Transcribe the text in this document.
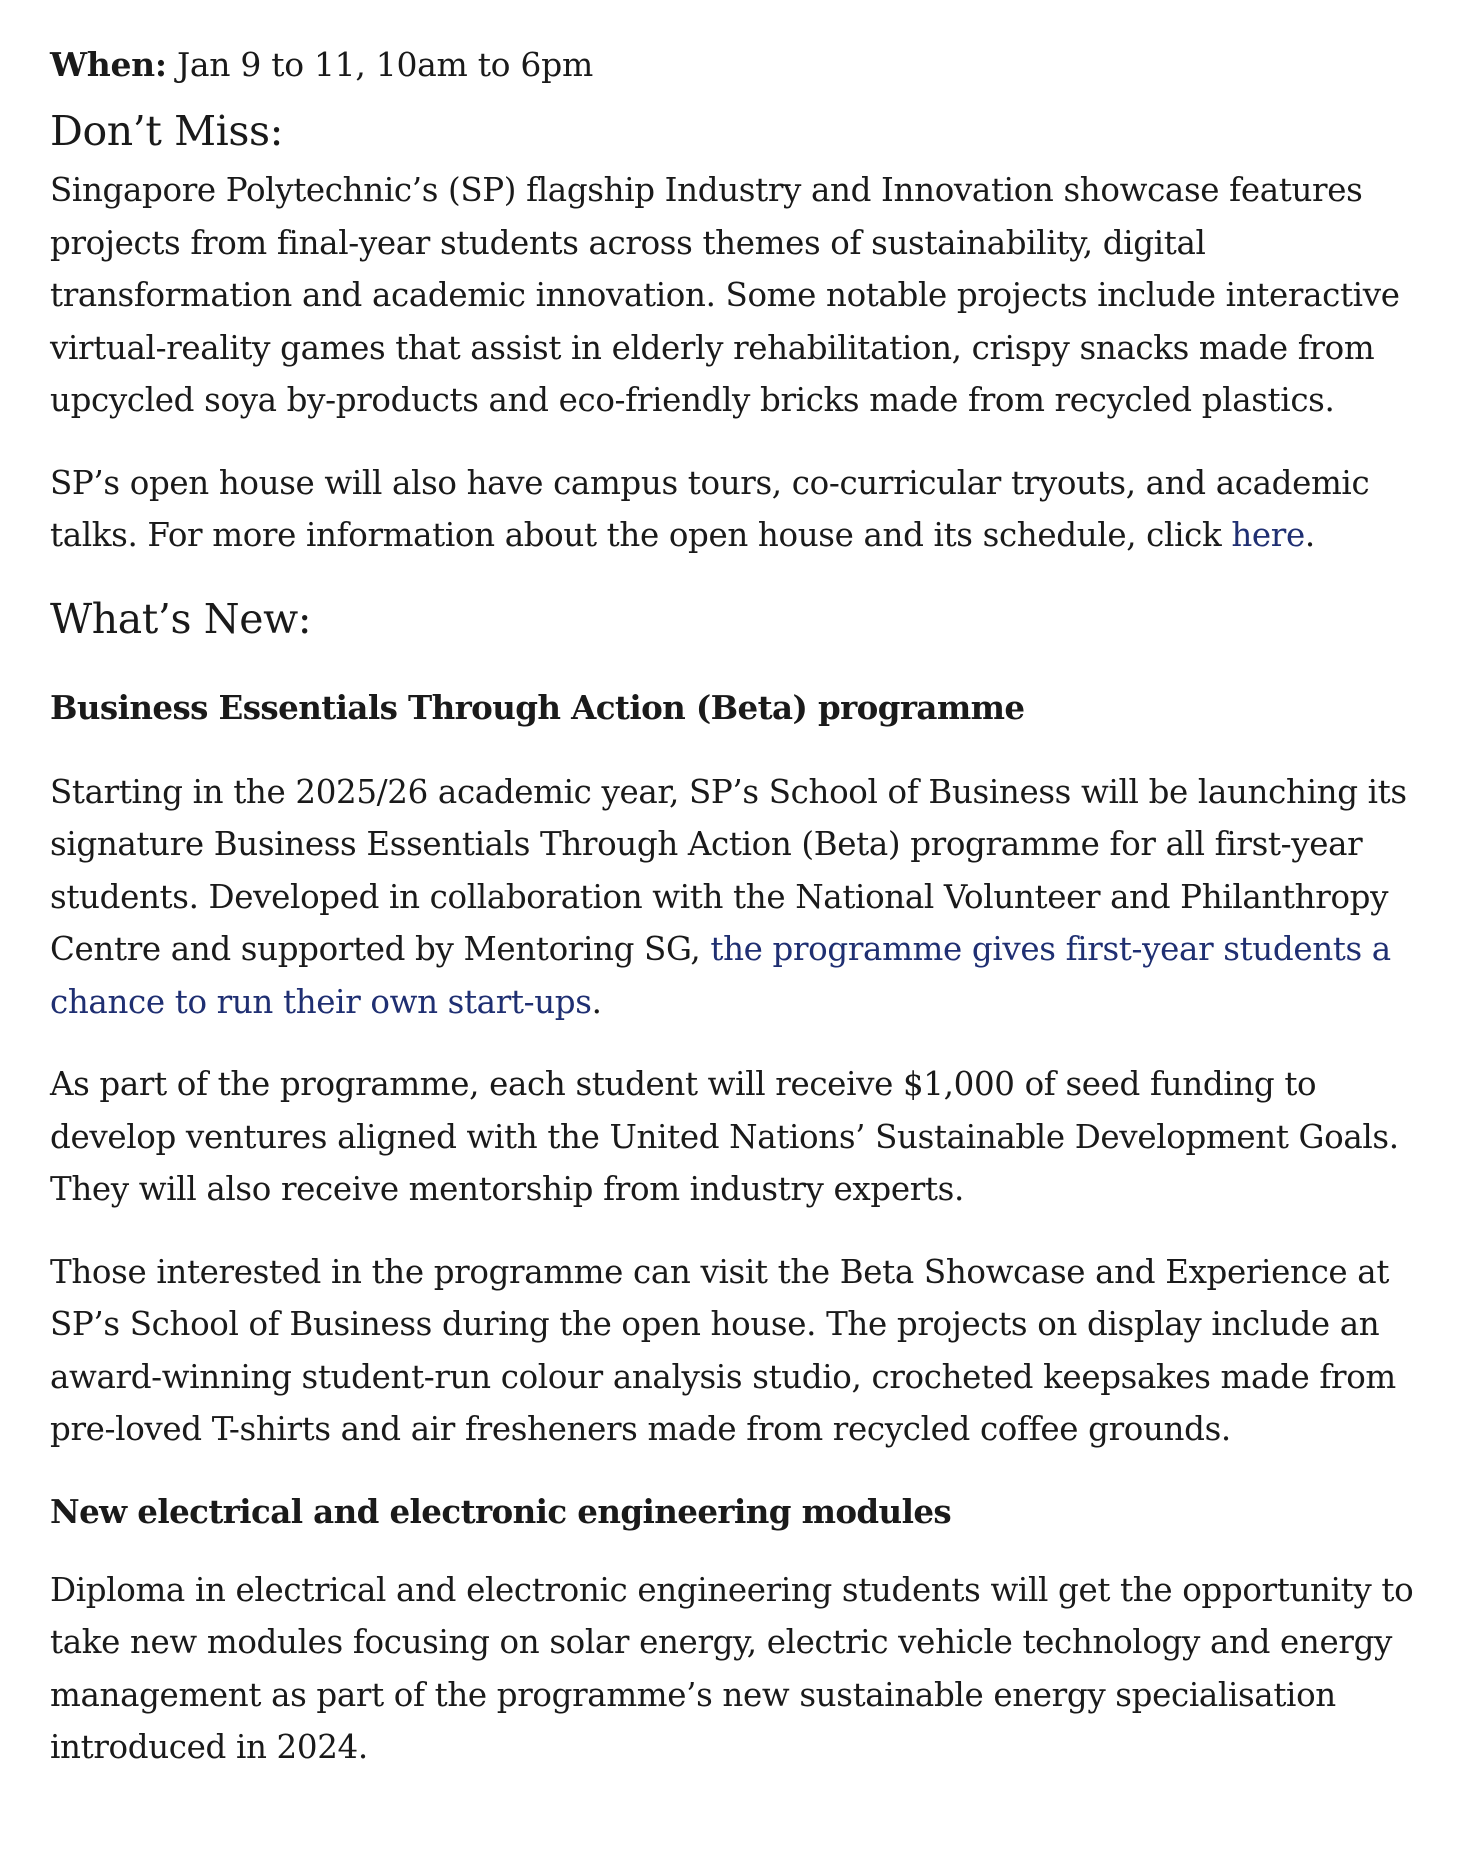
When: Jan 9 to 11, 10am to 6pm

Don’t Miss:

Singapore Polytechnic’s (SP) flagship Industry and Innovation showcase features projects from final-year students across themes of sustainability, digital transformation and academic innovation. Some notable projects include interactive virtual-reality games that assist in elderly rehabilitation, crispy snacks made from upcycled soya by-products and eco-friendly bricks made from recycled plastics.

SP’s open house will also have campus tours, co-curricular tryouts, and academic talks. For more information about the open house and its schedule, click here.

What’s New:
Business Essentials Through Action (Beta) programme

Starting in the 2025/26 academic year, SP’s School of Business will be launching its signature Business Essentials Through Action (Beta) programme for all first-year students. Developed in collaboration with the National Volunteer and Philanthropy Centre and supported by Mentoring SG, the programme gives first-year students a chance to run their own start-ups.

As part of the programme, each student will receive $1,000 of seed funding to develop ventures aligned with the United Nations’ Sustainable Development Goals. They will also receive mentorship from industry experts.

Those interested in the programme can visit the Beta Showcase and Experience at SP’s School of Business during the open house. The projects on display include an award-winning student-run colour analysis studio, crocheted keepsakes made from pre-loved T-shirts and air fresheners made from recycled coffee grounds.

New electrical and electronic engineering modules

Diploma in electrical and electronic engineering students will get the opportunity to take new modules focusing on solar energy, electric vehicle technology and energy management as part of the programme’s new sustainable energy specialisation introduced in 2024.
